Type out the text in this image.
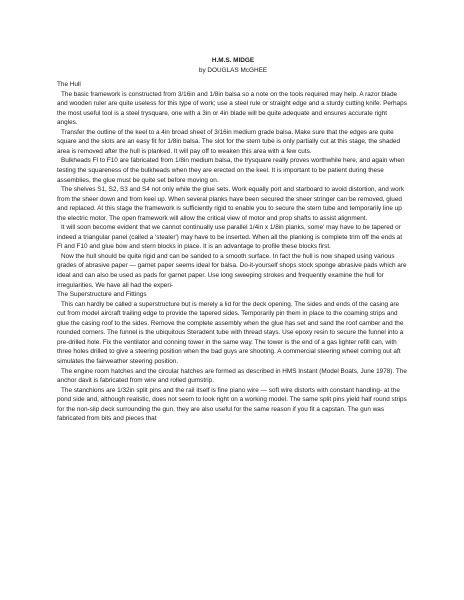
H.M.S. MIDGE

by DOUGLAS McGHEE

The Hull

The basic framework is constructed from 3/16in and 1/8in balsa so a note on the tools required may help. A razor blade and wooden ruler are quite useless for this type of work; use a steel rule or straight edge and a sturdy cutting knife. Perhaps the most useful tool is a steel trysquare, one with a 3in or 4in blade will be quite adequate and ensures accurate right angles.

Transfer the outline of the keel to a 4in broad sheet of 3/16in medium grade balsa. Make sure that the edges are quite square and the slots are an easy fit for 1/8in balsa. The slot for the stern tube is only partially cut at this stage, the shaded area is removed after the hull is planked. It will pay off to weaken this area with a few cuts.

Bulkheads Fl to F10 are fabricated from 1/8in medium balsa, the trysquare really proves worthwhile here, and again when testing the squareness of the bulkheads when they are erected on the keel. It is important to be patient during these assemblies, the glue must be quite set before moving on.

The shelves S1, S2, S3 and S4 not only while the glue sets. Work equally port and starboard to avoid distortion, and work from the sheer down and from keel up. When several planks have been secured the sheer stringer can be removed, glued and replaced. At this stage the framework is sufficiently rigid to enable you to secure the stern tube and temporarily line up the electric motor. The open framework will allow the critical view of motor and prop shafts to assist alignment.

It will soon become evident that we cannot continually use parallel 1/4in x 1/8in planks, some' may have to be tapered or indeed a triangular panel (called a 'stealer') may have to be inserted. When all the planking is complete trim off the ends at Fl and F10 and glue bow and stern blocks in place. It is an advantage to profile these blocks first.

Now the hull should be quite rigid and can be sanded to a smooth surface. In fact the hull is now shaped using various grades of abrasive paper — garnet paper seems ideal for balsa. Do-it-yourself shops stock sponge abrasive pads which are ideal and can also be used as pads for garnet paper. Use long sweeping strokes and frequently examine the hull for irregularities. We have all had the experi-

The Superstructure and Fittings

This can hardly be called a superstructure but is merely a lid for the deck opening. The sides and ends of the casing are cut from model aircraft trailing edge to provide the tapered sides. Temporarily pin them in place to the coaming strips and glue the casing roof to the sides. Remove the complete assembly when the glue has set and sand the roof camber and the rounded corners. The funnel is the ubiquitous Steradent tube with thread stays. Use epoxy resin to secure the funnel into a pre-drilled hole. Fix the ventilator and conning tower in the same way. The tower is the end of a gas lighter refill can, with three holes drilled to give a steering position when the bad guys are shooting. A commercial steering wheel coming out aft simulates the fairweather steering position.

The engine room hatches and the circular hatches are formed as described in HMS Instant (Model Boats, June 1978). The anchor davit is fabricated from wire and rolled gumstrip.

The stanchions are 1/32in split pins and the rail itself is fine piano wire — soft wire distorts with constant handling- at the pond side and, although realistic, does not seem to look right on a working model. The same split pins yield half round strips for the non-slip deck surrounding the gun, they are also useful for the same reason if you fit a capstan. The gun was fabricated from bits and pieces that
